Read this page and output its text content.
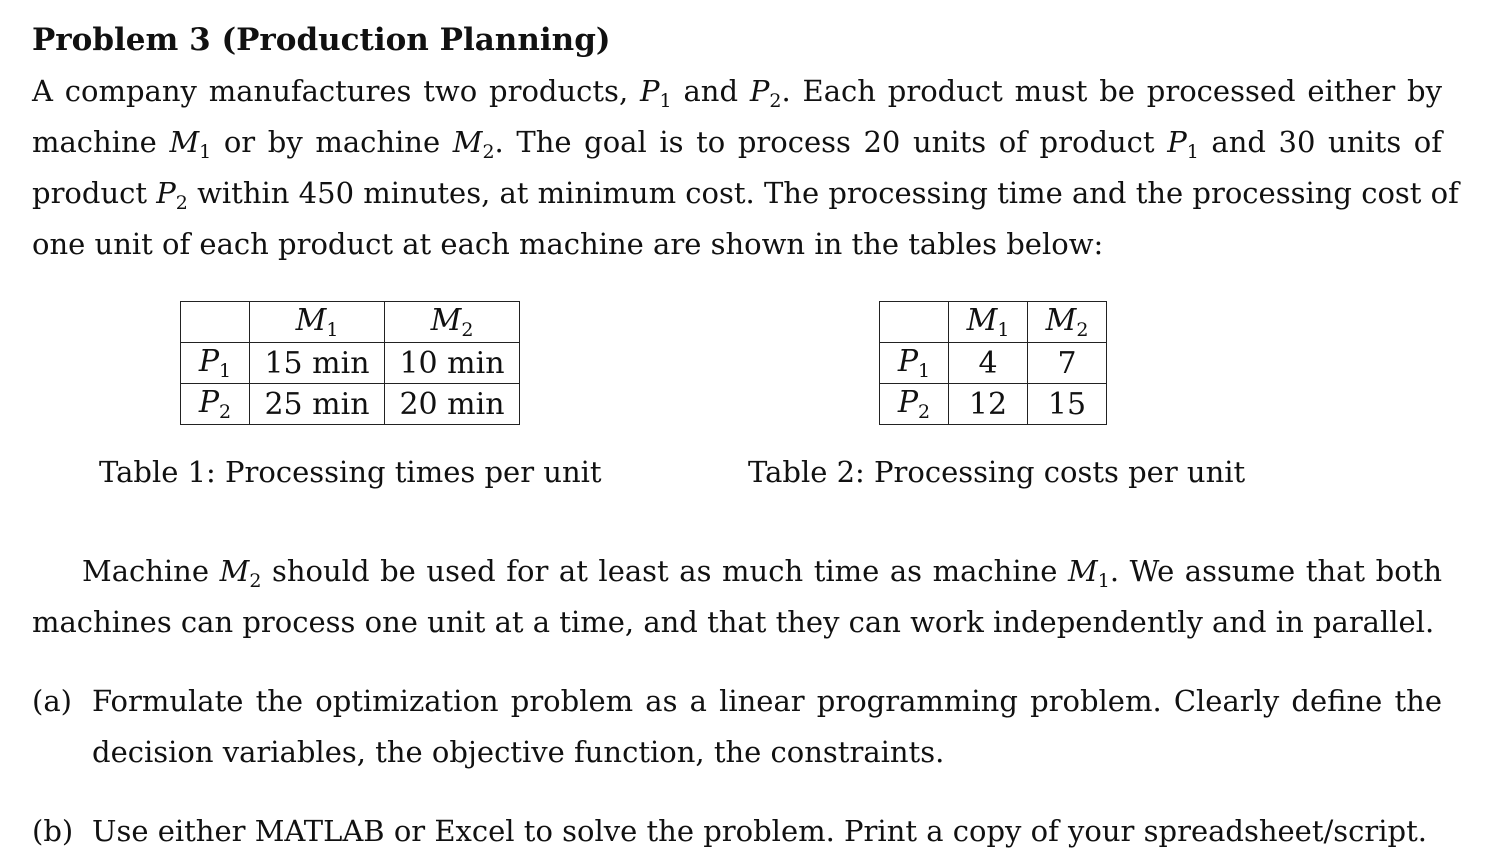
Problem 3 (Production Planning)
A company manufactures two products, $P_1$ and $P_2$. Each product must be processed either by
machine $M_1$ or by machine $M_2$. The goal is to process 20 units of product $P_1$ and 30 units of
product $P_2$ within 450 minutes, at minimum cost. The processing time and the processing cost of
one unit of each product at each machine are shown in the tables below:
	$M_1$	$M_2$
$P_1$	15 min	10 min
$P_2$	25 min	20 min
Table 1: Processing times per unit
	$M_1$	$M_2$
$P_1$	4	7
$P_2$	12	15
Table 2: Processing costs per unit
Machine $M_2$ should be used for at least as much time as machine $M_1$. We assume that both
machines can process one unit at a time, and that they can work independently and in parallel.
(a) Formulate the optimization problem as a linear programming problem. Clearly define the
decision variables, the objective function, the constraints.
(b) Use either MATLAB or Excel to solve the problem. Print a copy of your spreadsheet/script.
